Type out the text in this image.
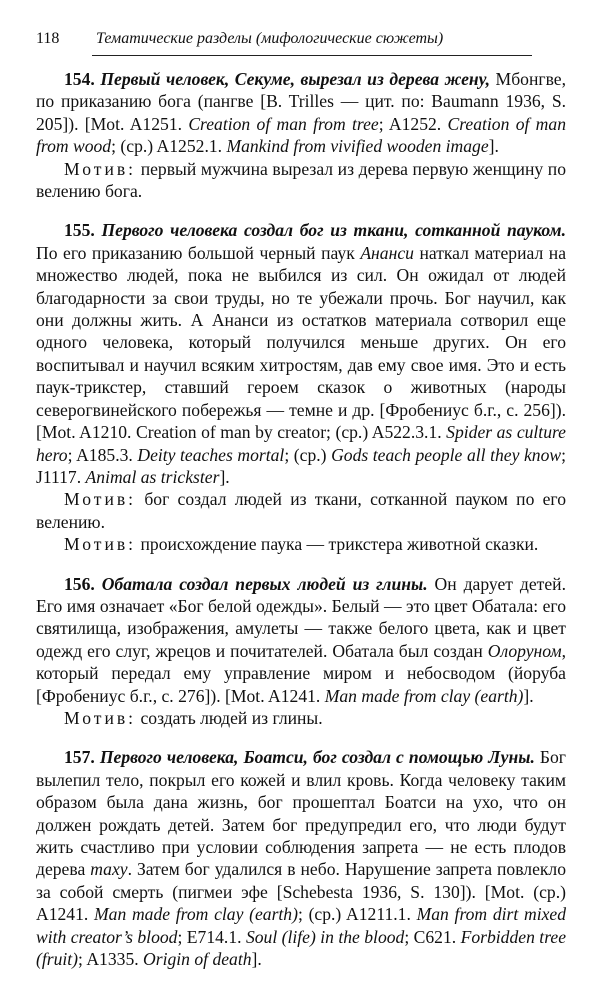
118 Тематические разделы (мифологические сюжеты)

154. Первый человек, Секуме, вырезал из дерева жену, Мбонгве, по приказанию бога (пангве [B. Trilles — цит. по: Baumann 1936, S. 205]). [Mot. A1251. Creation of man from tree; A1252. Creation of man from wood; (cp.) A1252.1. Mankind from vivified wooden image].

Мотив: первый мужчина вырезал из дерева первую женщину по велению бога.

155. Первого человека создал бог из ткани, сотканной пауком. По его приказанию большой черный паук Ананси наткал материал на множество людей, пока не выбился из сил. Он ожидал от людей благодарности за свои труды, но те убежали прочь. Бог научил, как они должны жить. А Ананси из остатков материала сотворил еще одного человека, который получился меньше других. Он его воспитывал и научил всяким хитростям, дав ему свое имя. Это и есть паук-трикстер, ставший героем сказок о животных (народы северогвинейского побережья — темне и др. [Фробениус б.г., с. 256]). [Mot. A1210. Creation of man by creator; (cp.) A522.3.1. Spider as culture hero; A185.3. Deity teaches mortal; (cp.) Gods teach people all they know; J1117. Animal as trickster].

Мотив: бог создал людей из ткани, сотканной пауком по его велению.

Мотив: происхождение паука — трикстера животной сказки.

156. Обатала создал первых людей из глины. Он дарует детей. Его имя означает «Бог белой одежды». Белый — это цвет Обатала: его святилища, изображения, амулеты — также белого цвета, как и цвет одежд его слуг, жрецов и почитателей. Обатала был создан Олоруном, который передал ему управление миром и небосводом (йоруба [Фробениус б.г., с. 276]). [Mot. A1241. Man made from clay (earth)].

Мотив: создать людей из глины.

157. Первого человека, Боатси, бог создал с помощью Луны. Бог вылепил тело, покрыл его кожей и влил кровь. Когда человеку таким образом была дана жизнь, бог прошептал Боатси на ухо, что он должен рождать детей. Затем бог предупредил его, что люди будут жить счастливо при условии соблюдения запрета — не есть плодов дерева таху. Затем бог удалился в небо. Нарушение запрета повлекло за собой смерть (пигмеи эфе [Schebesta 1936, S. 130]). [Mot. (cp.) A1241. Man made from clay (earth); (cp.) A1211.1. Man from dirt mixed with creator’s blood; E714.1. Soul (life) in the blood; C621. Forbidden tree (fruit); A1335. Origin of death].
